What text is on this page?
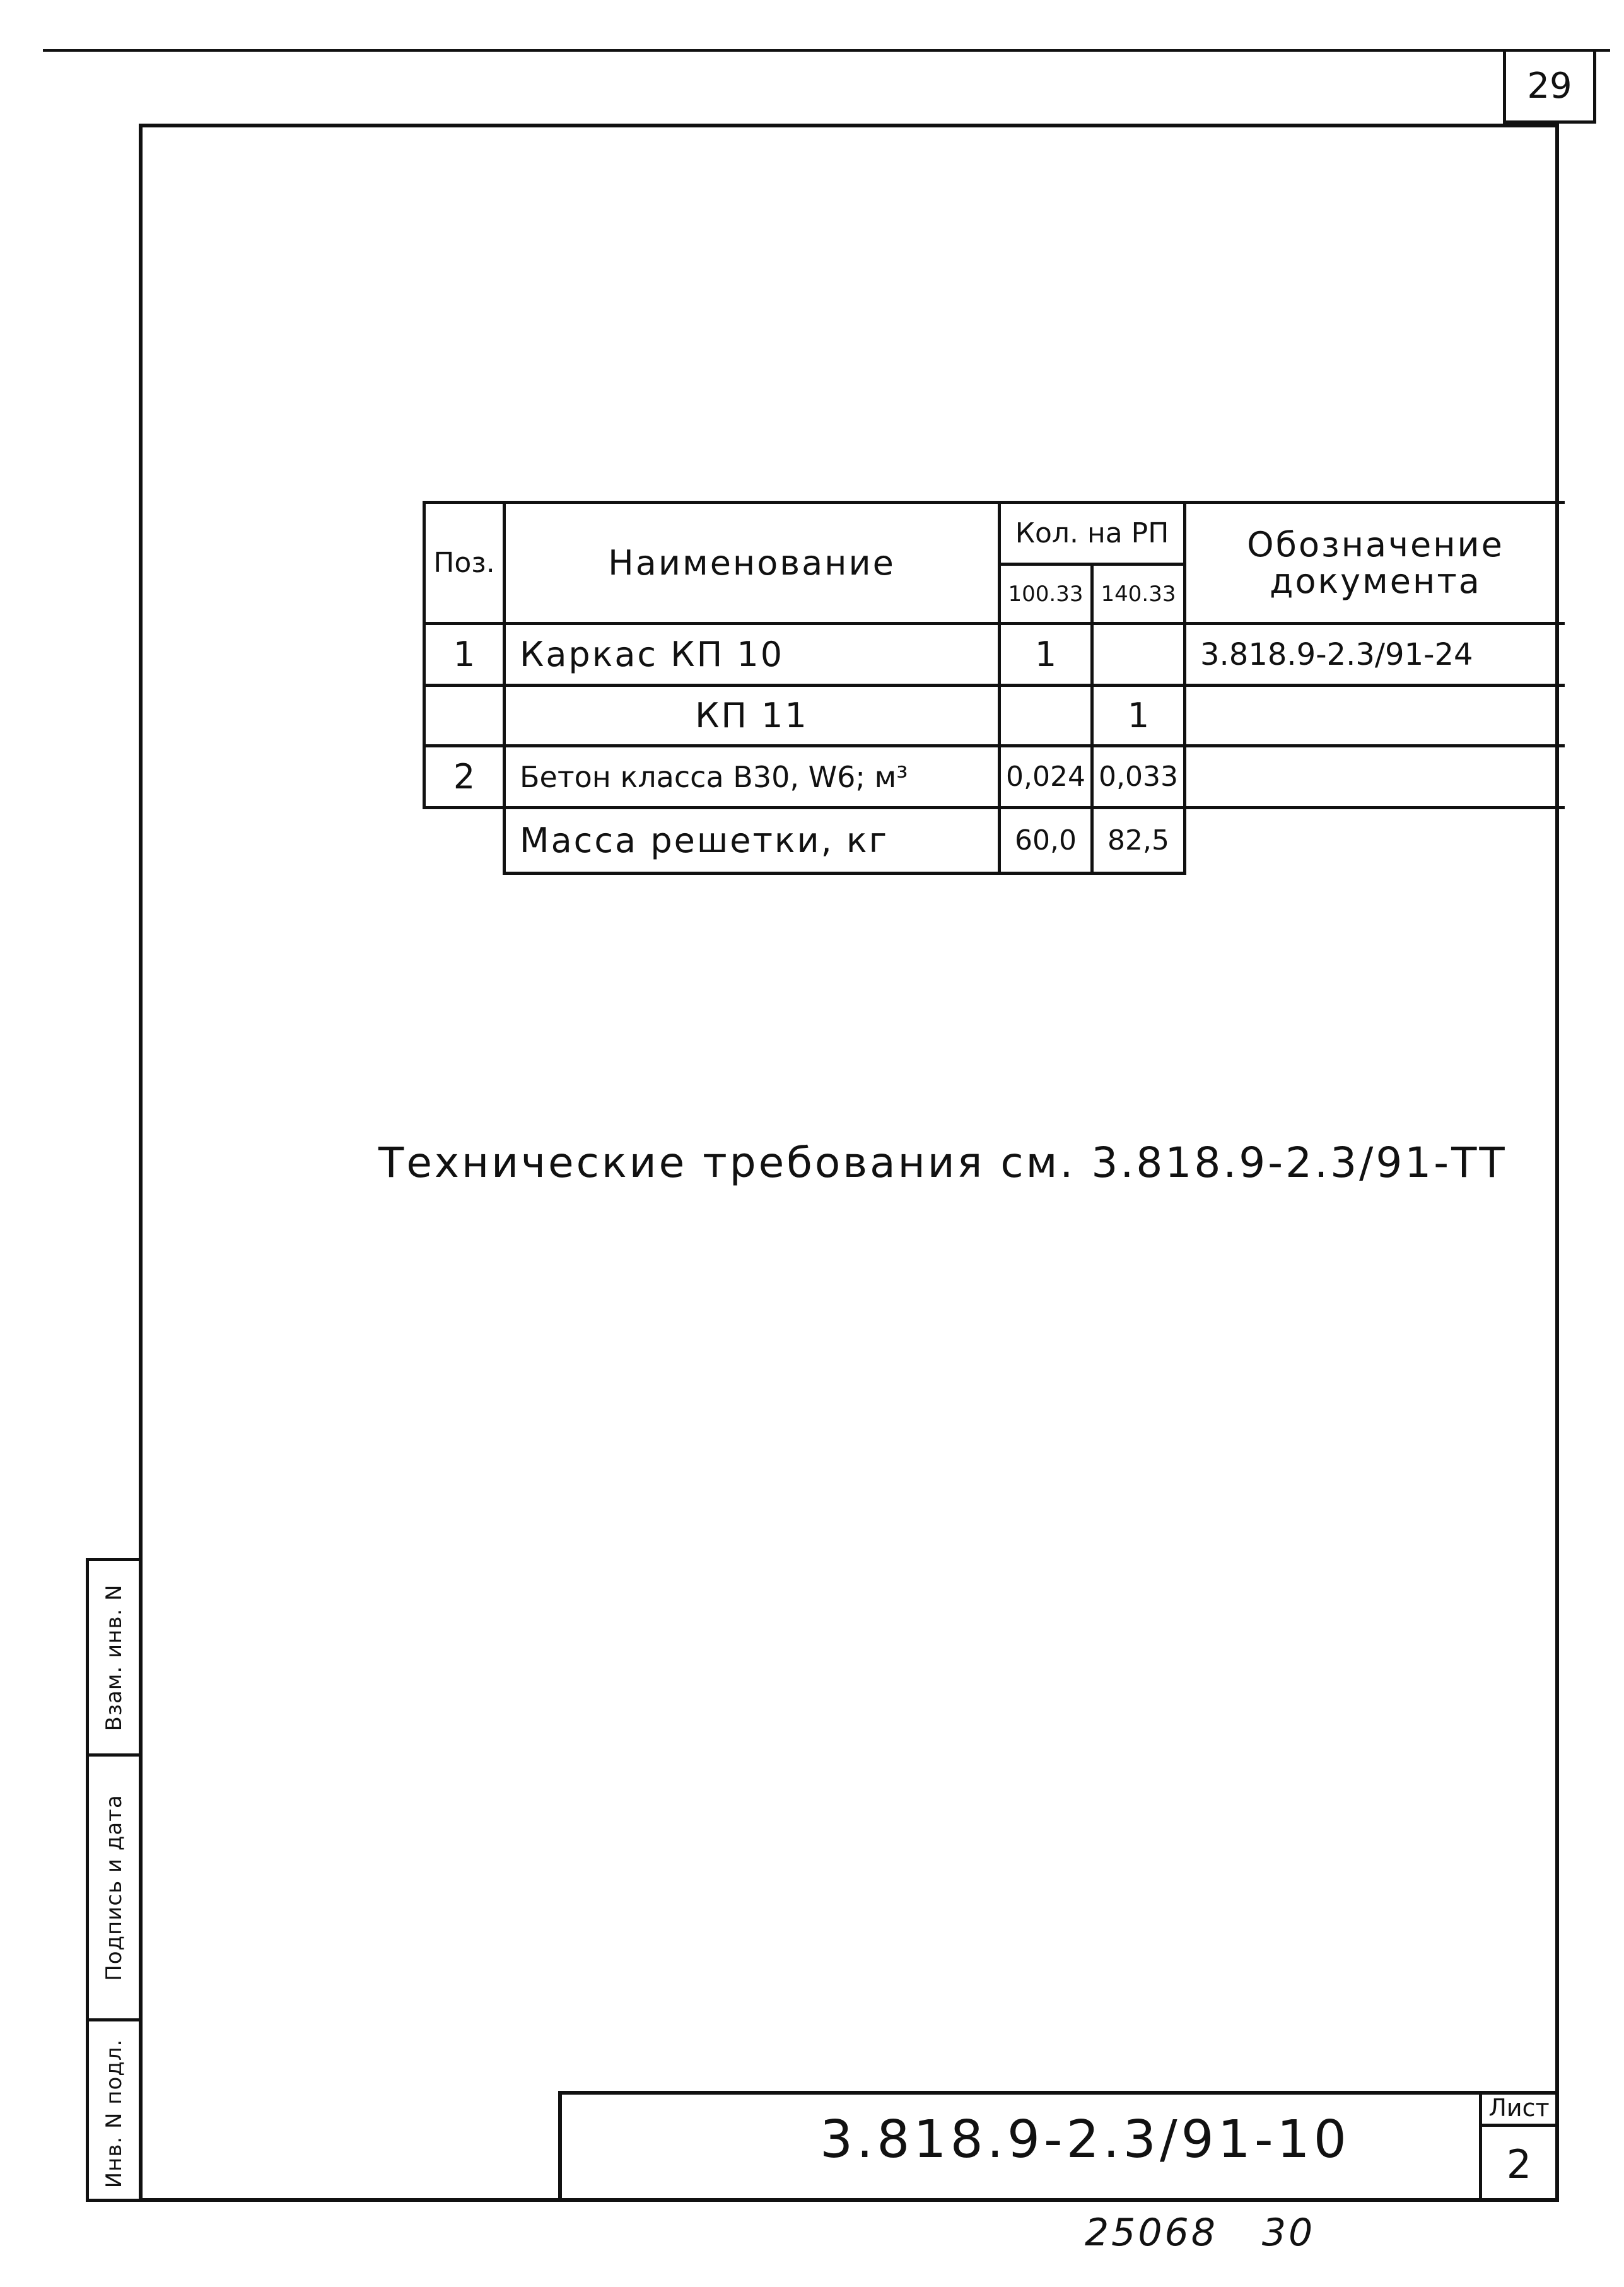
29
Поз.	Наименование	Кол. на РП		Обозначение документа
		100.33	140.33	
1	Каркас КП 10	1		3.818.9-2.3/91-24
	КП 11		1	
2	Бетон класса В30, W6; м³	0,024	0,033	
	Масса решетки, кг	60,0	82,5	
Технические требования см. 3.818.9-2.3/91-ТТ
Взам. инв. N
Подпись и дата
Инв. N подл.	3.818.9-2.3/91-10
Лист
2
25068 30
